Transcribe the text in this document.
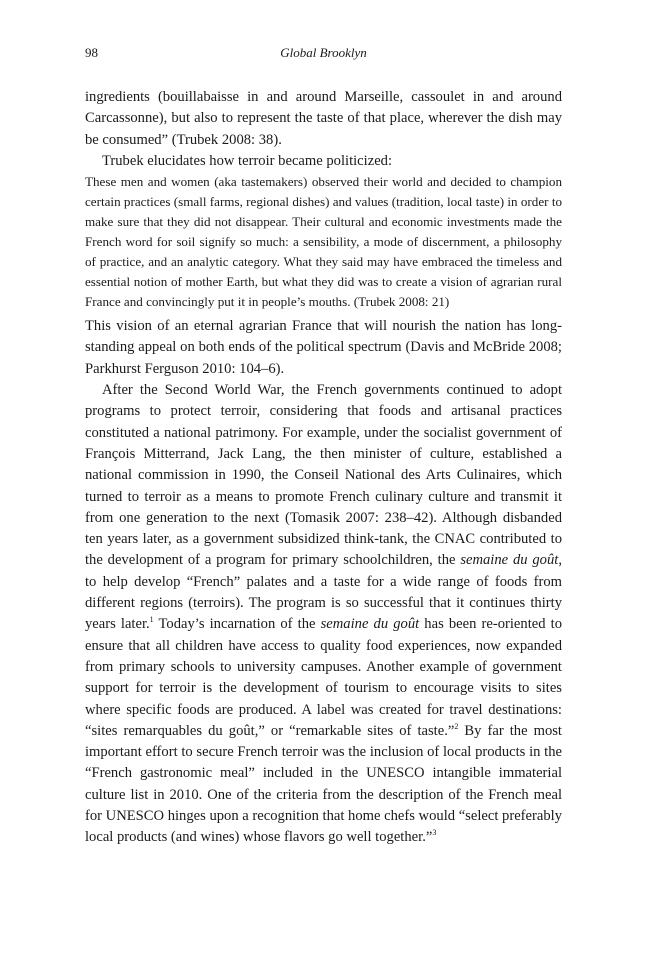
98	Global Brooklyn

ingredients (bouillabaisse in and around Marseille, cassoulet in and around Carcassonne), but also to represent the taste of that place, wherever the dish may be consumed” (Trubek 2008: 38).

Trubek elucidates how terroir became politicized:

These men and women (aka tastemakers) observed their world and decided to champion certain practices (small farms, regional dishes) and values (tradition, local taste) in order to make sure that they did not disappear. Their cultural and economic investments made the French word for soil signify so much: a sensibility, a mode of discernment, a philosophy of practice, and an analytic category. What they said may have embraced the timeless and essential notion of mother Earth, but what they did was to create a vision of agrarian rural France and convincingly put it in people’s mouths. (Trubek 2008: 21)

This vision of an eternal agrarian France that will nourish the nation has long-standing appeal on both ends of the political spectrum (Davis and McBride 2008; Parkhurst Ferguson 2010: 104–6).

After the Second World War, the French governments continued to adopt programs to protect terroir, considering that foods and artisanal practices constituted a national patrimony. For example, under the socialist government of François Mitterrand, Jack Lang, the then minister of culture, established a national commission in 1990, the Conseil National des Arts Culinaires, which turned to terroir as a means to promote French culinary culture and transmit it from one generation to the next (Tomasik 2007: 238–42). Although disbanded ten years later, as a government subsidized think-tank, the CNAC contributed to the development of a program for primary schoolchildren, the semaine du goût, to help develop “French” palates and a taste for a wide range of foods from different regions (terroirs). The program is so successful that it continues thirty years later.$^1$ Today’s incarnation of the semaine du goût has been re-oriented to ensure that all children have access to quality food experiences, now expanded from primary schools to university campuses. Another example of government support for terroir is the development of tourism to encourage visits to sites where specific foods are produced. A label was created for travel destinations: “sites remarquables du goût,” or “remarkable sites of taste.”$^2$ By far the most important effort to secure French terroir was the inclusion of local products in the “French gastronomic meal” included in the UNESCO intangible immaterial culture list in 2010. One of the criteria from the description of the French meal for UNESCO hinges upon a recognition that home chefs would “select preferably local products (and wines) whose flavors go well together.”$^3$
